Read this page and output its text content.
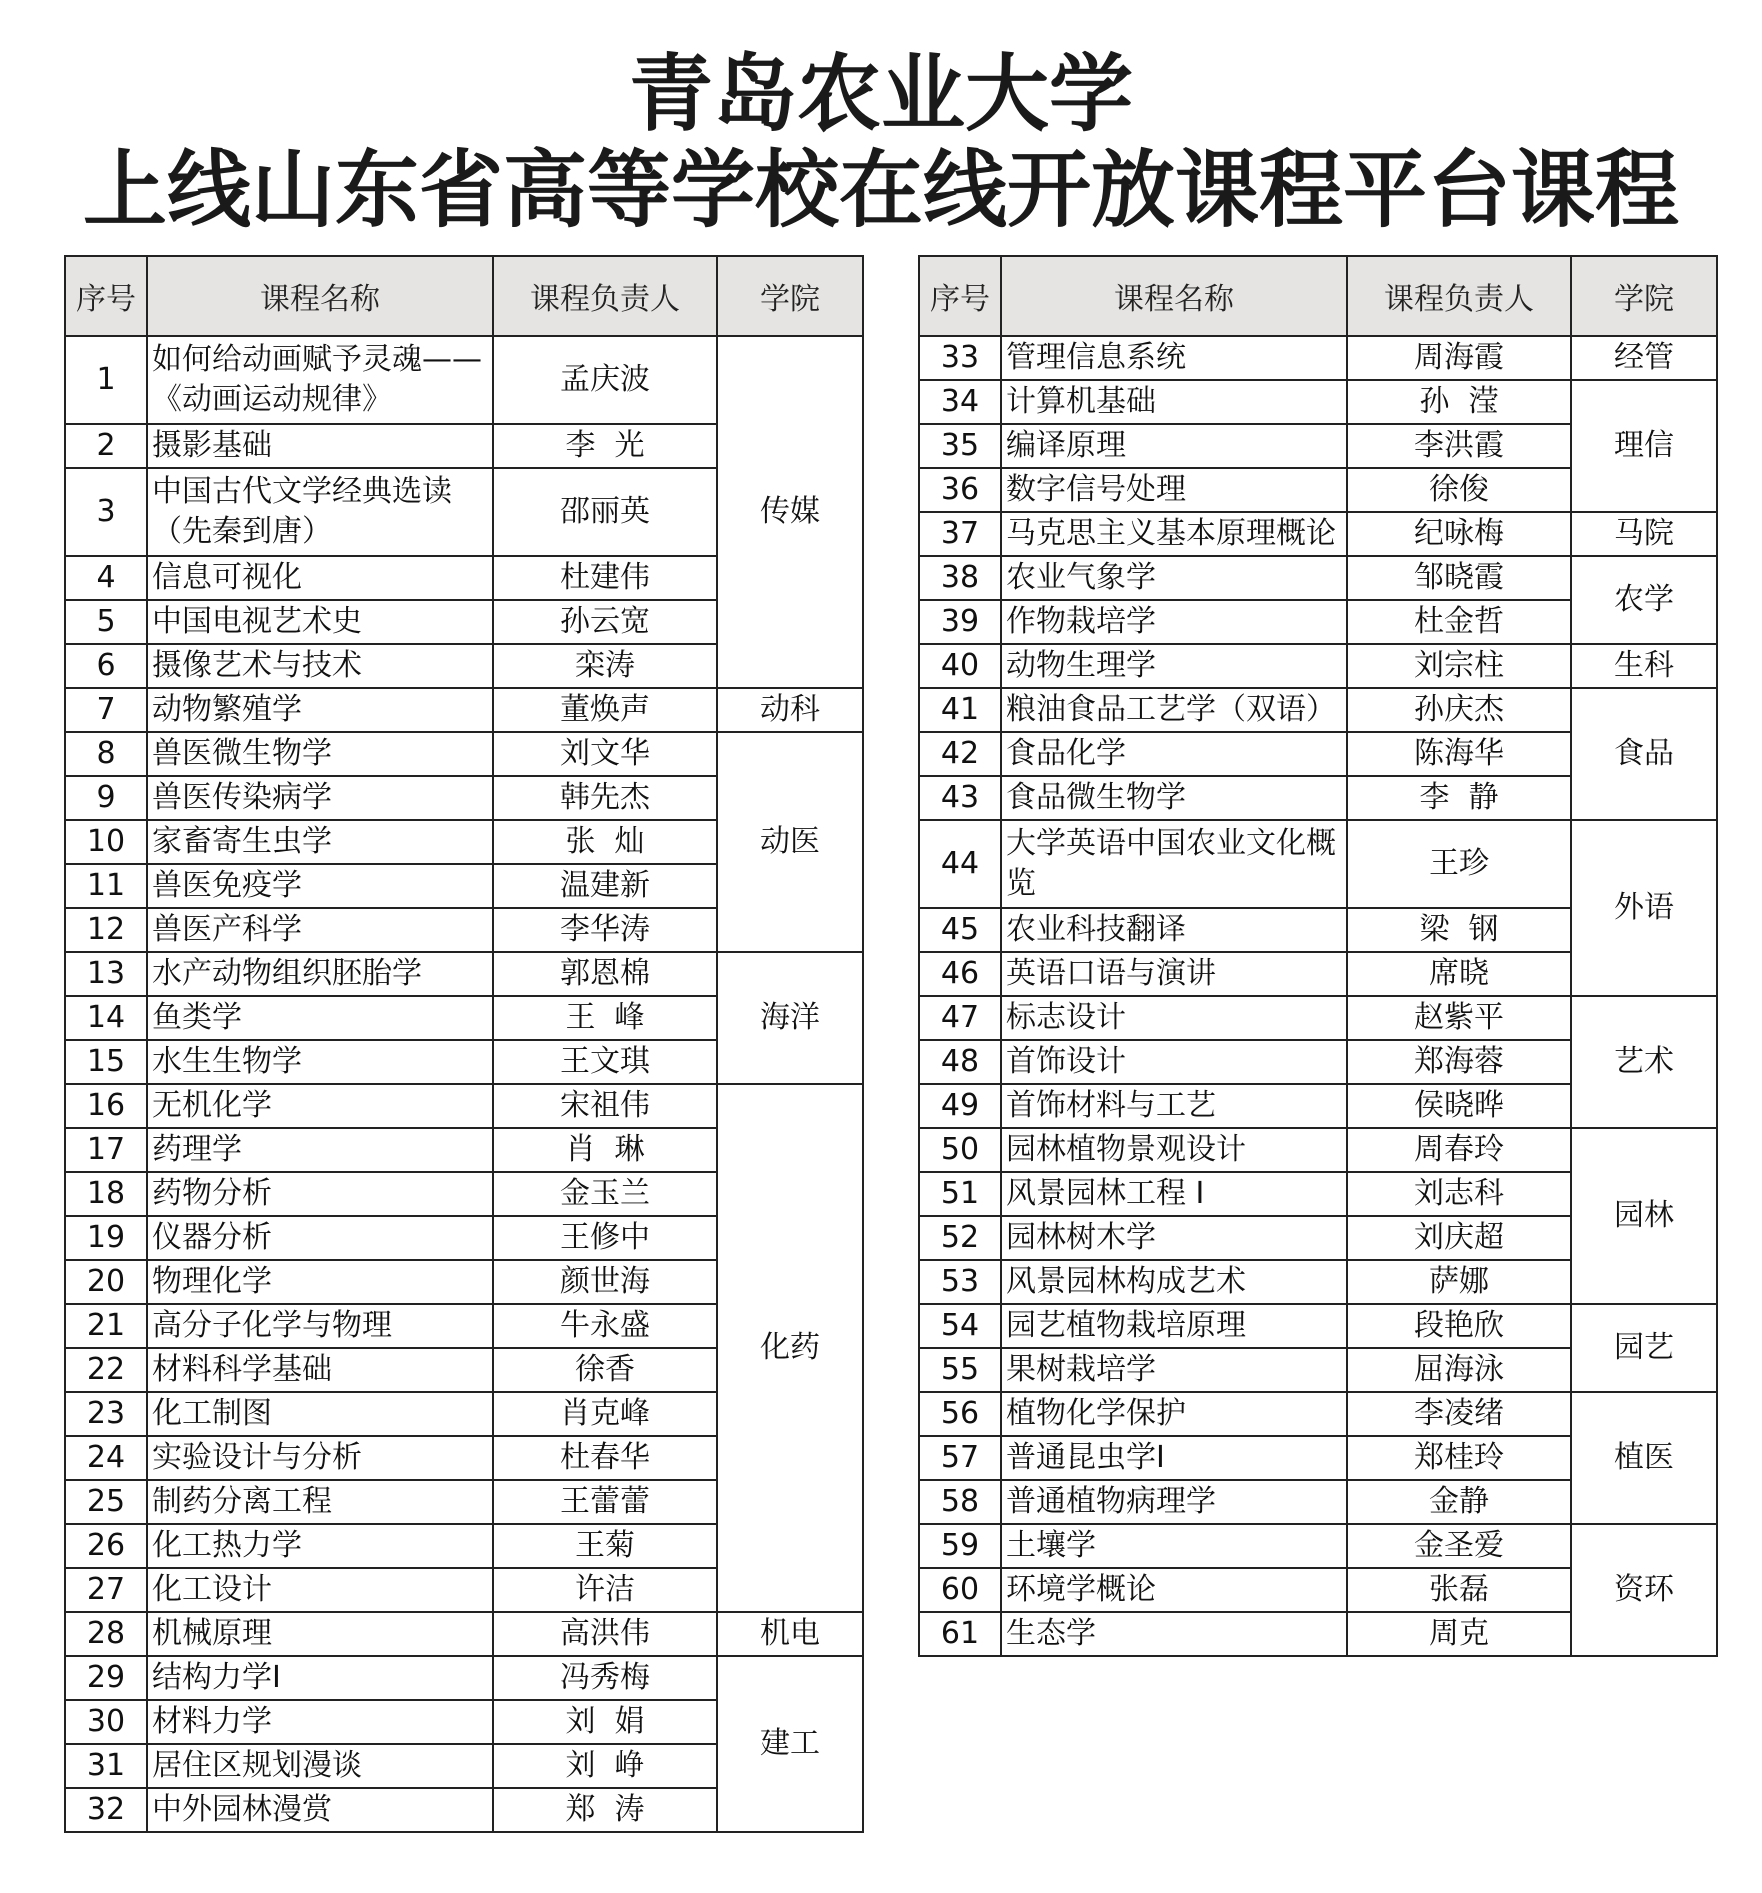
青岛农业大学
上线山东省高等学校在线开放课程平台课程
序号	课程名称	课程负责人	学院
1	如何给动画赋予灵魂——《动画运动规律》	孟庆波	传媒
2	摄影基础	李  光	
3	中国古代文学经典选读（先秦到唐）	邵丽英	
4	信息可视化	杜建伟	
5	中国电视艺术史	孙云宽	
6	摄像艺术与技术	栾涛	
7	动物繁殖学	董焕声	动科
8	兽医微生物学	刘文华	动医
9	兽医传染病学	韩先杰	
10	家畜寄生虫学	张  灿	
11	兽医免疫学	温建新	
12	兽医产科学	李华涛	
13	水产动物组织胚胎学	郭恩棉	海洋
14	鱼类学	王  峰	
15	水生生物学	王文琪	
16	无机化学	宋祖伟	化药
17	药理学	肖  琳	
18	药物分析	金玉兰	
19	仪器分析	王修中	
20	物理化学	颜世海	
21	高分子化学与物理	牛永盛	
22	材料科学基础	徐香	
23	化工制图	肖克峰	
24	实验设计与分析	杜春华	
25	制药分离工程	王蕾蕾	
26	化工热力学	王菊	
27	化工设计	许洁	
28	机械原理	高洪伟	机电
29	结构力学I	冯秀梅	建工
30	材料力学	刘  娟	
31	居住区规划漫谈	刘  峥	
32	中外园林漫赏	郑  涛	
序号	课程名称	课程负责人	学院
33	管理信息系统	周海霞	经管
34	计算机基础	孙  滢	理信
35	编译原理	李洪霞	
36	数字信号处理	徐俊	
37	马克思主义基本原理概论	纪咏梅	马院
38	农业气象学	邹晓霞	农学
39	作物栽培学	杜金哲	
40	动物生理学	刘宗柱	生科
41	粮油食品工艺学（双语）	孙庆杰	食品
42	食品化学	陈海华	
43	食品微生物学	李  静	
44	大学英语中国农业文化概览	王珍	外语
45	农业科技翻译	梁  钢	
46	英语口语与演讲	席晓	
47	标志设计	赵紫平	艺术
48	首饰设计	郑海蓉	
49	首饰材料与工艺	侯晓晔	
50	园林植物景观设计	周春玲	园林
51	风景园林工程 I	刘志科	
52	园林树木学	刘庆超	
53	风景园林构成艺术	萨娜	
54	园艺植物栽培原理	段艳欣	园艺
55	果树栽培学	屈海泳	
56	植物化学保护	李凌绪	植医
57	普通昆虫学I	郑桂玲	
58	普通植物病理学	金静	
59	土壤学	金圣爱	资环
60	环境学概论	张磊	
61	生态学	周克	
